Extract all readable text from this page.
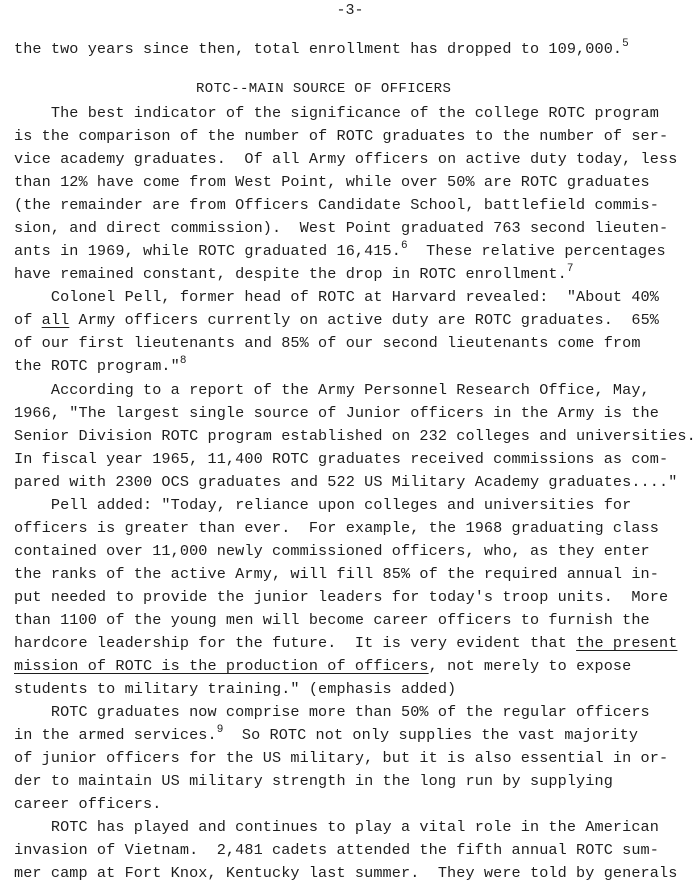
-3-
the two years since then, total enrollment has dropped to 109,000.$^5$
ROTC--MAIN SOURCE OF OFFICERS
The best indicator of the significance of the college ROTC program
is the comparison of the number of ROTC graduates to the number of ser-
vice academy graduates.  Of all Army officers on active duty today, less
than 12% have come from West Point, while over 50% are ROTC graduates
(the remainder are from Officers Candidate School, battlefield commis-
sion, and direct commission).  West Point graduated 763 second lieuten-
ants in 1969, while ROTC graduated 16,415.$^6$  These relative percentages
have remained constant, despite the drop in ROTC enrollment.$^7$
Colonel Pell, former head of ROTC at Harvard revealed:  "About 40%
of all Army officers currently on active duty are ROTC graduates.  65%
of our first lieutenants and 85% of our second lieutenants come from
the ROTC program."$^8$
According to a report of the Army Personnel Research Office, May,
1966, "The largest single source of Junior officers in the Army is the
Senior Division ROTC program established on 232 colleges and universities.
In fiscal year 1965, 11,400 ROTC graduates received commissions as com-
pared with 2300 OCS graduates and 522 US Military Academy graduates...."
Pell added: "Today, reliance upon colleges and universities for
officers is greater than ever.  For example, the 1968 graduating class
contained over 11,000 newly commissioned officers, who, as they enter
the ranks of the active Army, will fill 85% of the required annual in-
put needed to provide the junior leaders for today's troop units.  More
than 1100 of the young men will become career officers to furnish the
hardcore leadership for the future.  It is very evident that the present
mission of ROTC is the production of officers, not merely to expose
students to military training." (emphasis added)
ROTC graduates now comprise more than 50% of the regular officers
in the armed services.$^9$  So ROTC not only supplies the vast majority
of junior officers for the US military, but it is also essential in or-
der to maintain US military strength in the long run by supplying
career officers.
ROTC has played and continues to play a vital role in the American
invasion of Vietnam.  2,481 cadets attended the fifth annual ROTC sum-
mer camp at Fort Knox, Kentucky last summer.  They were told by generals
